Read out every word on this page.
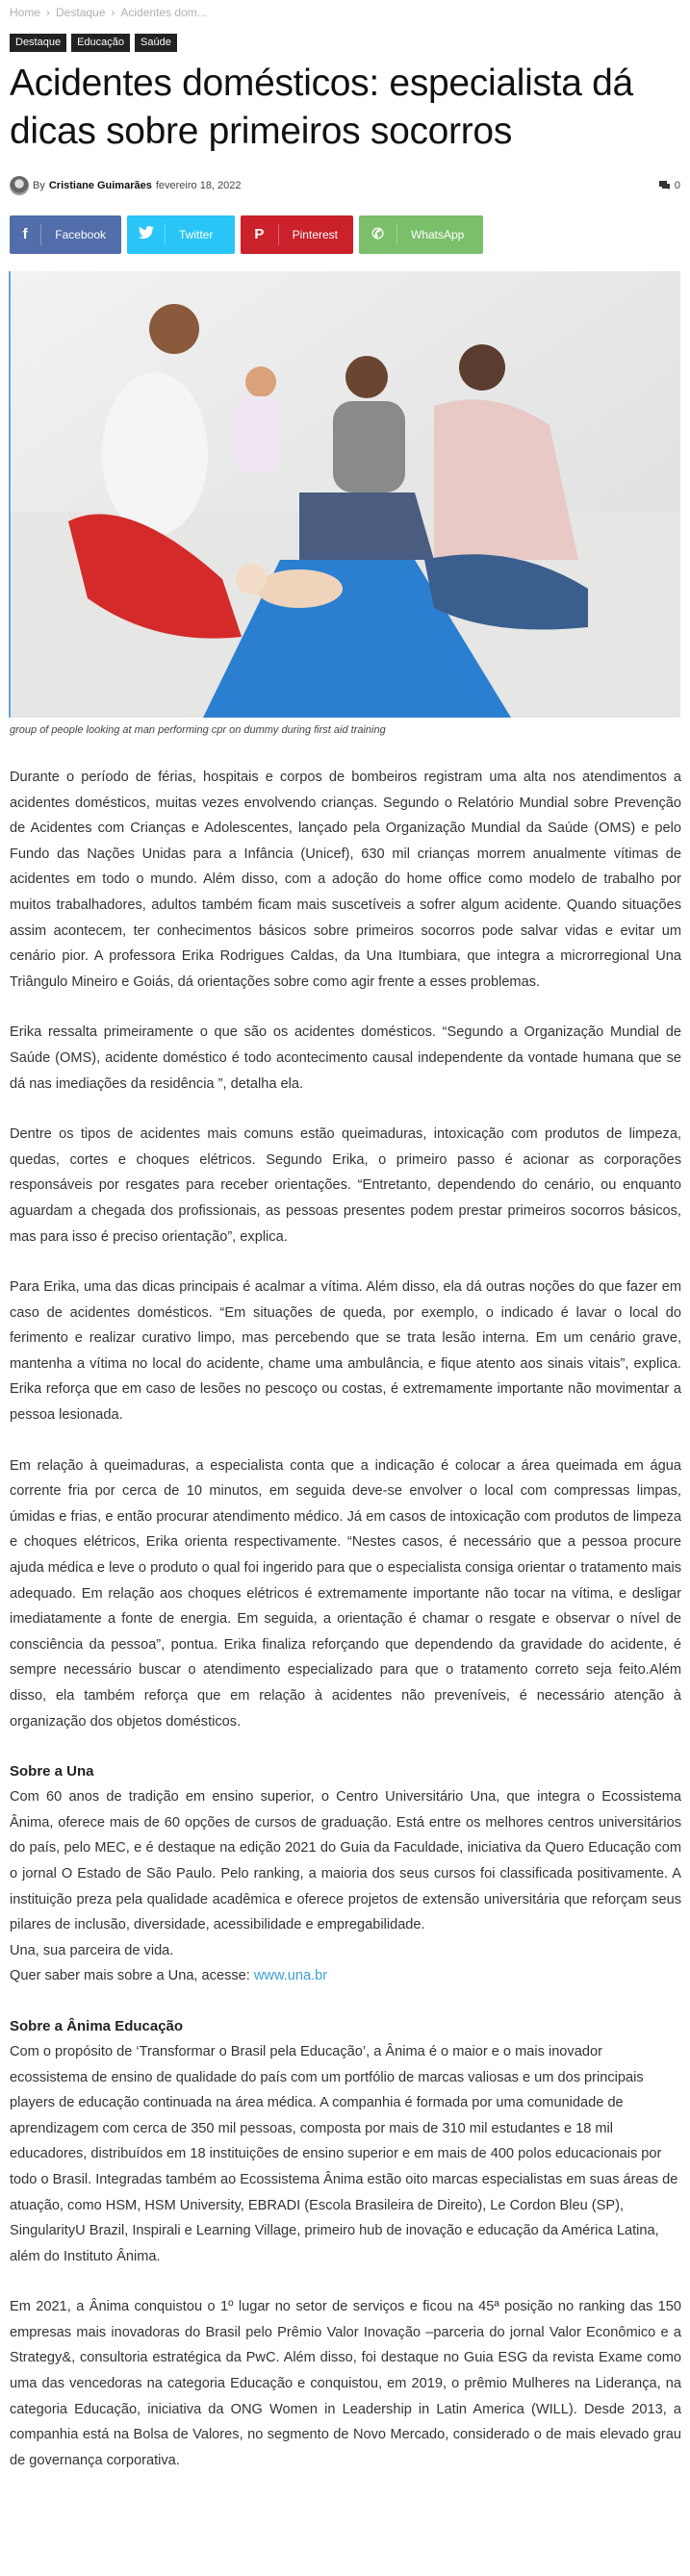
Home › Destaque › Acidentes dom...
Destaque	Educação	Saúde
Acidentes domésticos: especialista dá dicas sobre primeiros socorros
By Cristiane Guimarães fevereiro 18, 2022	0
f	Facebook	Twitter	P	Pinterest	✆	WhatsApp
group of people looking at man performing cpr on dummy during first aid training

Durante o período de férias, hospitais e corpos de bombeiros registram uma alta nos atendimentos a acidentes domésticos, muitas vezes envolvendo crianças. Segundo o Relatório Mundial sobre Prevenção de Acidentes com Crianças e Adolescentes, lançado pela Organização Mundial da Saúde (OMS) e pelo Fundo das Nações Unidas para a Infância (Unicef), 630 mil crianças morrem anualmente vítimas de acidentes em todo o mundo. Além disso, com a adoção do home office como modelo de trabalho por muitos trabalhadores, adultos também ficam mais suscetíveis a sofrer algum acidente. Quando situações assim acontecem, ter conhecimentos básicos sobre primeiros socorros pode salvar vidas e evitar um cenário pior. A professora Erika Rodrigues Caldas, da Una Itumbiara, que integra a microrregional Una Triângulo Mineiro e Goiás, dá orientações sobre como agir frente a esses problemas.

Erika ressalta primeiramente o que são os acidentes domésticos. “Segundo a Organização Mundial de Saúde (OMS), acidente doméstico é todo acontecimento causal independente da vontade humana que se dá nas imediações da residência ”, detalha ela.

Dentre os tipos de acidentes mais comuns estão queimaduras, intoxicação com produtos de limpeza, quedas, cortes e choques elétricos. Segundo Erika, o primeiro passo é acionar as corporações responsáveis por resgates para receber orientações. “Entretanto, dependendo do cenário, ou enquanto aguardam a chegada dos profissionais, as pessoas presentes podem prestar primeiros socorros básicos, mas para isso é preciso orientação”, explica.

Para Erika, uma das dicas principais é acalmar a vítima. Além disso, ela dá outras noções do que fazer em caso de acidentes domésticos. “Em situações de queda, por exemplo, o indicado é lavar o local do ferimento e realizar curativo limpo, mas percebendo que se trata lesão interna. Em um cenário grave, mantenha a vítima no local do acidente, chame uma ambulância, e fique atento aos sinais vitais”, explica. Erika reforça que em caso de lesões no pescoço ou costas, é extremamente importante não movimentar a pessoa lesionada.

Em relação à queimaduras, a especialista conta que a indicação é colocar a área queimada em água corrente fria por cerca de 10 minutos, em seguida deve-se envolver o local com compressas limpas, úmidas e frias, e então procurar atendimento médico. Já em casos de intoxicação com produtos de limpeza e choques elétricos, Erika orienta respectivamente. “Nestes casos, é necessário que a pessoa procure ajuda médica e leve o produto o qual foi ingerido para que o especialista consiga orientar o tratamento mais adequado. Em relação aos choques elétricos é extremamente importante não tocar na vítima, e desligar imediatamente a fonte de energia. Em seguida, a orientação é chamar o resgate e observar o nível de consciência da pessoa”, pontua. Erika finaliza reforçando que dependendo da gravidade do acidente, é sempre necessário buscar o atendimento especializado para que o tratamento correto seja feito.Além disso, ela também reforça que em relação à acidentes não preveníveis, é necessário atenção à organização dos objetos domésticos.

Sobre a Una

Com 60 anos de tradição em ensino superior, o Centro Universitário Una, que integra o Ecossistema Ânima, oferece mais de 60 opções de cursos de graduação. Está entre os melhores centros universitários do país, pelo MEC, e é destaque na edição 2021 do Guia da Faculdade, iniciativa da Quero Educação com o jornal O Estado de São Paulo. Pelo ranking, a maioria dos seus cursos foi classificada positivamente. A instituição preza pela qualidade acadêmica e oferece projetos de extensão universitária que reforçam seus pilares de inclusão, diversidade, acessibilidade e empregabilidade.

Una, sua parceira de vida.

Quer saber mais sobre a Una, acesse: www.una.br

Sobre a Ânima Educação

Com o propósito de ‘Transformar o Brasil pela Educação’, a Ânima é o maior e o mais inovador ecossistema de ensino de qualidade do país com um portfólio de marcas valiosas e um dos principais players de educação continuada na área médica. A companhia é formada por uma comunidade de aprendizagem com cerca de 350 mil pessoas, composta por mais de 310 mil estudantes e 18 mil educadores, distribuídos em 18 instituições de ensino superior e em mais de 400 polos educacionais por todo o Brasil. Integradas também ao Ecossistema Ânima estão oito marcas especialistas em suas áreas de atuação, como HSM, HSM University, EBRADI (Escola Brasileira de Direito), Le Cordon Bleu (SP), SingularityU Brazil, Inspirali e Learning Village, primeiro hub de inovação e educação da América Latina, além do Instituto Ânima.

Em 2021, a Ânima conquistou o 1º lugar no setor de serviços e ficou na 45ª posição no ranking das 150 empresas mais inovadoras do Brasil pelo Prêmio Valor Inovação –parceria do jornal Valor Econômico e a Strategy&, consultoria estratégica da PwC. Além disso, foi destaque no Guia ESG da revista Exame como uma das vencedoras na categoria Educação e conquistou, em 2019, o prêmio Mulheres na Liderança, na categoria Educação, iniciativa da ONG Women in Leadership in Latin America (WILL). Desde 2013, a companhia está na Bolsa de Valores, no segmento de Novo Mercado, considerado o de mais elevado grau de governança corporativa.
